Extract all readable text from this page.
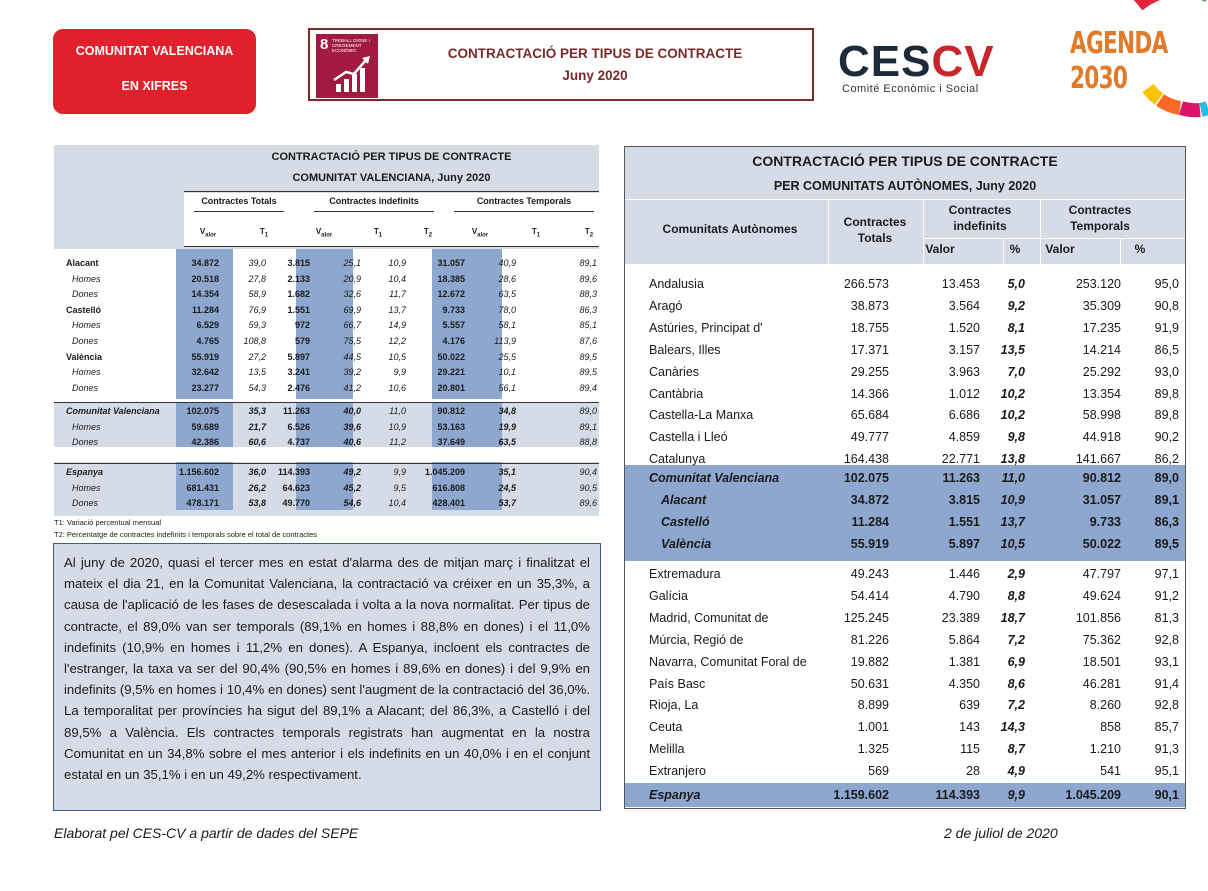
COMUNITAT VALENCIANA
EN XIFRES
8 TREBALL DIGNE I CREIXEMENT ECONÒMIC	CONTRACTACIÓ PER TIPUS DE CONTRACTE
Juny 2020	CESCV
Comité Econòmic i Social
AGENDA 2030
CONTRACTACIÓ PER TIPUS DE CONTRACTE
COMUNITAT VALENCIANA, Juny 2020
Contractes Totals	Contractes indefinits	Contractes Temporals
$V_{alor}$	$T_1$	$V_{alor}$	$T_1$	$T_2$	$V_{alor}$	$T_1$	$T_2$
Alacant	34.872	39,0	3.815	25,1	10,9	31.057	40,9	89,1
Homes	20.518	27,8	2.133	20,9	10,4	18.385	28,6	89,6
Dones	14.354	58,9	1.682	32,6	11,7	12.672	63,5	88,3
Castelló	11.284	76,9	1.551	69,9	13,7	9.733	78,0	86,3
Homes	6.529	59,3	972	66,7	14,9	5.557	58,1	85,1
Dones	4.765	108,8	579	75,5	12,2	4.176	113,9	87,6
València	55.919	27,2	5.897	44,5	10,5	50.022	25,5	89,5
Homes	32.642	13,5	3.241	39,2	9,9	29.221	10,1	89,5
Dones	23.277	54,3	2.476	41,2	10,6	20.801	56,1	89,4
Comunitat Valenciana	102.075	35,3	11.263	40,0	11,0	90.812	34,8	89,0
Homes	59.689	21,7	6.526	39,6	10,9	53.163	19,9	89,1
Dones	42.386	60,6	4.737	40,6	11,2	37.649	63,5	88,8
Espanya	1.156.602	36,0	114.393	49,2	9,9	1.045.209	35,1	90,4
Homes	681.431	26,2	64.623	45,2	9,5	616.808	24,5	90,5
Dones	478.171	53,8	49.770	54,6	10,4	428.401	53,7	89,6
T1: Variació percentual mensual
T2: Percentatge de contractes indefinits i temporals sobre el total de contractes
Al juny de 2020, quasi el tercer mes en estat d'alarma des de mitjan març i finalitzat el mateix el dia 21, en la Comunitat Valenciana, la contractació va créixer en un 35,3%, a causa de l'aplicació de les fases de desescalada i volta a la nova normalitat. Per tipus de contracte, el 89,0% van ser temporals (89,1% en homes i 88,8% en dones) i el 11,0% indefinits (10,9% en homes i 11,2% en dones). A Espanya, incloent els contractes de l'estranger, la taxa va ser del 90,4% (90,5% en homes i 89,6% en dones) i del 9,9% en indefinits (9,5% en homes i 10,4% en dones) sent l'augment de la contractació del 36,0%. La temporalitat per províncies ha sigut del 89,1% a Alacant; del 86,3%, a Castelló i del 89,5% a València. Els contractes temporals registrats han augmentat en la nostra Comunitat en un 34,8% sobre el mes anterior i els indefinits en un 40,0% i en el conjunt estatal en un 35,1% i en un 49,2% respectivament.
CONTRACTACIÓ PER TIPUS DE CONTRACTE
PER COMUNITATS AUTÒNOMES, Juny 2020
Comunitats Autònomes	Contractes Totals
Contractes indefinits
Contractes Temporals
Valor	%	Valor	%
Andalusia	266.573	13.453 5,0	253.120	95,0
Aragó	38.873	3.564 9,2	35.309	90,8
Astúries, Principat d'	18.755	1.520 8,1	17.235	91,9
Balears, Illes	17.371	3.157 13,5	14.214	86,5
Canàries	29.255	3.963 7,0	25.292	93,0
Cantàbria	14.366	1.012 10,2	13.354	89,8
Castella-La Manxa	65.684	6.686 10,2	58.998	89,8
Castella i Lleó	49.777	4.859 9,8	44.918	90,2
Catalunya	164.438	22.771 13,8	141.667	86,2
Comunitat Valenciana	102.075	11.263 11,0	90.812	89,0
Alacant	34.872	3.815 10,9	31.057	89,1
Castelló	11.284	1.551 13,7	9.733	86,3
València	55.919	5.897 10,5	50.022	89,5
Extremadura	49.243	1.446 2,9	47.797	97,1
Galícia	54.414	4.790 8,8	49.624	91,2
Madrid, Comunitat de	125.245	23.389 18,7	101.856	81,3
Múrcia, Regió de	81.226	5.864 7,2	75.362	92,8
Navarra, Comunitat Foral de	19.882	1.381 6,9	18.501	93,1
País Basc	50.631	4.350 8,6	46.281	91,4
Rioja, La	8.899	639 7,2	8.260	92,8
Ceuta	1.001	143 14,3	858	85,7
Melilla	1.325	115 8,7	1.210	91,3
Extranjero	569	28 4,9	541	95,1
Espanya	1.159.602	114.393 9,9	1.045.209	90,1
Elaborat pel CES-CV a partir de dades del SEPE	2 de juliol de 2020
